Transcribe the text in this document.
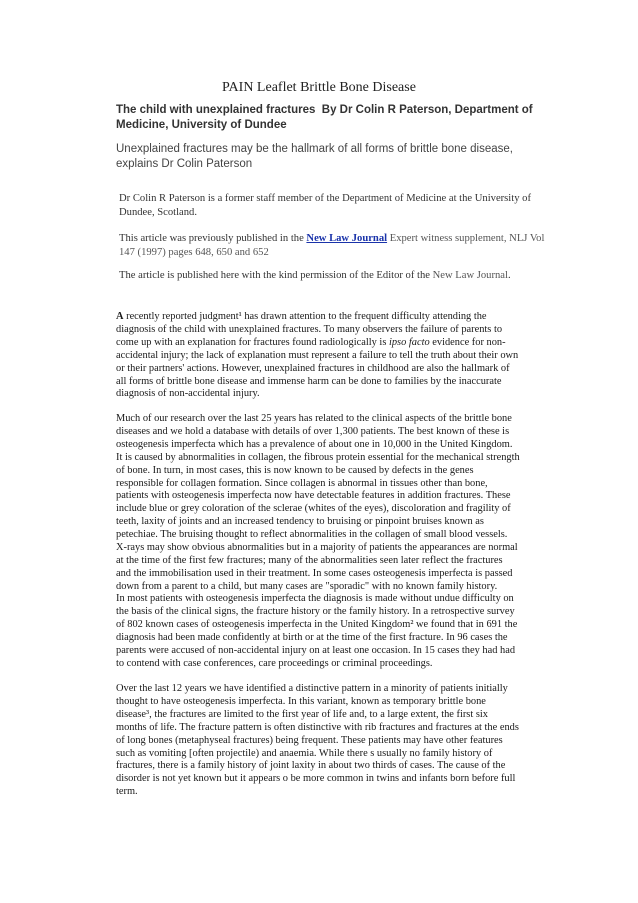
PAIN Leaflet Brittle Bone Disease
The child with unexplained fractures By Dr Colin R Paterson, Department of Medicine, University of Dundee
Unexplained fractures may be the hallmark of all forms of brittle bone disease, explains Dr Colin Paterson
Dr Colin R Paterson is a former staff member of the Department of Medicine at the University of Dundee, Scotland.
This article was previously published in the New Law Journal Expert witness supplement, NLJ Vol 147 (1997) pages 648, 650 and 652
The article is published here with the kind permission of the Editor of the New Law Journal.

A recently reported judgment¹ has drawn attention to the frequent difficulty attending the diagnosis of the child with unexplained fractures. To many observers the failure of parents to come up with an explanation for fractures found radiologically is ipso facto evidence for non-accidental injury; the lack of explanation must represent a failure to tell the truth about their own or their partners' actions. However, unexplained fractures in childhood are also the hallmark of all forms of brittle bone disease and immense harm can be done to families by the inaccurate diagnosis of non-accidental injury.

Much of our research over the last 25 years has related to the clinical aspects of the brittle bone diseases and we hold a database with details of over 1,300 patients. The best known of these is osteogenesis imperfecta which has a prevalence of about one in 10,000 in the United Kingdom. It is caused by abnormalities in collagen, the fibrous protein essential for the mechanical strength of bone. In turn, in most cases, this is now known to be caused by defects in the genes responsible for collagen formation. Since collagen is abnormal in tissues other than bone, patients with osteogenesis imperfecta now have detectable features in addition fractures. These include blue or grey coloration of the sclerae (whites of the eyes), discoloration and fragility of teeth, laxity of joints and an increased tendency to bruising or pinpoint bruises known as petechiae. The bruising thought to reflect abnormalities in the collagen of small blood vessels. X-rays may show obvious abnormalities but in a majority of patients the appearances are normal at the time of the first few fractures; many of the abnormalities seen later reflect the fractures and the immobilisation used in their treatment. In some cases osteogenesis imperfecta is passed down from a parent to a child, but many cases are "sporadic" with no known family history.

In most patients with osteogenesis imperfecta the diagnosis is made without undue difficulty on the basis of the clinical signs, the fracture history or the family history. In a retrospective survey of 802 known cases of osteogenesis imperfecta in the United Kingdom² we found that in 691 the diagnosis had been made confidently at birth or at the time of the first fracture. In 96 cases the parents were accused of non-accidental injury on at least one occasion. In 15 cases they had had to contend with case conferences, care proceedings or criminal proceedings.

Over the last 12 years we have identified a distinctive pattern in a minority of patients initially thought to have osteogenesis imperfecta. In this variant, known as temporary brittle bone disease³, the fractures are limited to the first year of life and, to a large extent, the first six months of life. The fracture pattern is often distinctive with rib fractures and fractures at the ends of long bones (metaphyseal fractures) being frequent. These patients may have other features such as vomiting [often projectile) and anaemia. While there s usually no family history of fractures, there is a family history of joint laxity in about two thirds of cases. The cause of the disorder is not yet known but it appears o be more common in twins and infants born before full term.
